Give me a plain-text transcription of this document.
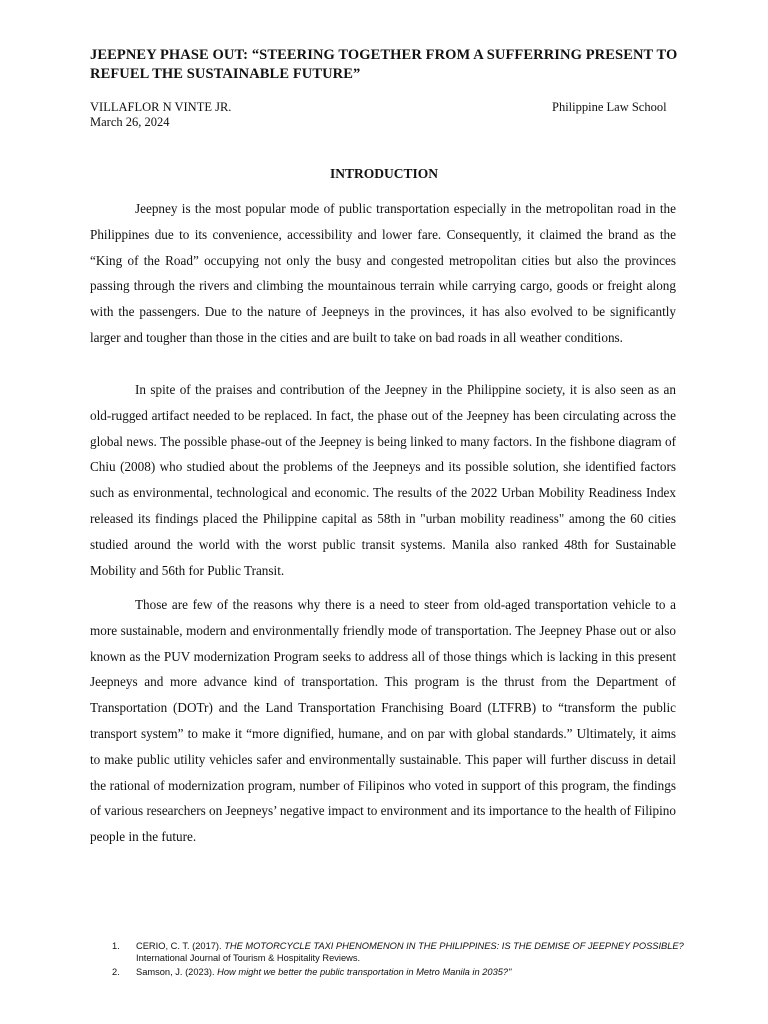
JEEPNEY PHASE OUT: “STEERING TOGETHER FROM A SUFFERRING PRESENT TO REFUEL THE SUSTAINABLE FUTURE”
VILLAFLOR N VINTE JR.
March 26, 2024
Philippine Law School
INTRODUCTION

Jeepney is the most popular mode of public transportation especially in the metropolitan road in the Philippines due to its convenience, accessibility and lower fare. Consequently, it claimed the brand as the “King of the Road” occupying not only the busy and congested metropolitan cities but also the provinces passing through the rivers and climbing the mountainous terrain while carrying cargo, goods or freight along with the passengers. Due to the nature of Jeepneys in the provinces, it has also evolved to be significantly larger and tougher than those in the cities and are built to take on bad roads in all weather conditions.

In spite of the praises and contribution of the Jeepney in the Philippine society, it is also seen as an old-rugged artifact needed to be replaced. In fact, the phase out of the Jeepney has been circulating across the global news. The possible phase-out of the Jeepney is being linked to many factors. In the fishbone diagram of Chiu (2008) who studied about the problems of the Jeepneys and its possible solution, she identified factors such as environmental, technological and economic. The results of the 2022 Urban Mobility Readiness Index released its findings placed the Philippine capital as 58th in "urban mobility readiness" among the 60 cities studied around the world with the worst public transit systems. Manila also ranked 48th for Sustainable Mobility and 56th for Public Transit.

Those are few of the reasons why there is a need to steer from old-aged transportation vehicle to a more sustainable, modern and environmentally friendly mode of transportation. The Jeepney Phase out or also known as the PUV modernization Program seeks to address all of those things which is lacking in this present Jeepneys and more advance kind of transportation. This program is the thrust from the Department of Transportation (DOTr) and the Land Transportation Franchising Board (LTFRB) to “transform the public transport system” to make it “more dignified, humane, and on par with global standards.” Ultimately, it aims to make public utility vehicles safer and environmentally sustainable. This paper will further discuss in detail the rational of modernization program, number of Filipinos who voted in support of this program, the findings of various researchers on Jeepneys’ negative impact to environment and its importance to the health of Filipino people in the future.

1 . CERIO, C. T. (2017). THE MOTORCYCLE TAXI PHENOMENON IN THE PHILIPPINES: IS THE DEMISE OF JEEPNEY POSSIBLE? International Journal of Tourism & Hospitality Reviews.
2 . Samson, J. (2023). How might we better the public transportation in Metro Manila in 2035?"
